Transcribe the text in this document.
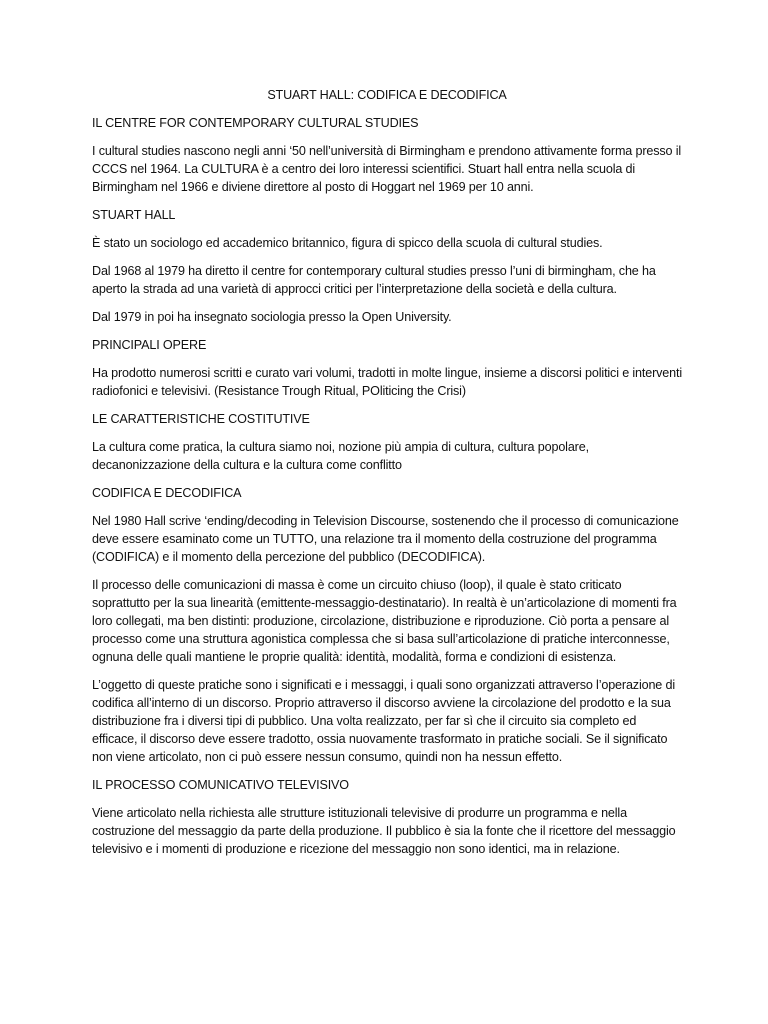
STUART HALL: CODIFICA E DECODIFICA

IL CENTRE FOR CONTEMPORARY CULTURAL STUDIES

I cultural studies nascono negli anni ‘50 nell’università di Birmingham e prendono attivamente forma presso il CCCS nel 1964. La CULTURA è a centro dei loro interessi scientifici. Stuart hall entra nella scuola di Birmingham nel 1966 e diviene direttore al posto di Hoggart nel 1969 per 10 anni.

STUART HALL

È stato un sociologo ed accademico britannico, figura di spicco della scuola di cultural studies.

Dal 1968 al 1979 ha diretto il centre for contemporary cultural studies presso l’uni di birmingham, che ha aperto la strada ad una varietà di approcci critici per l’interpretazione della società e della cultura.

Dal 1979 in poi ha insegnato sociologia presso la Open University.

PRINCIPALI OPERE

Ha prodotto numerosi scritti e curato vari volumi, tradotti in molte lingue, insieme a discorsi politici e interventi radiofonici e televisivi. (Resistance Trough Ritual, POliticing the Crisi)

LE CARATTERISTICHE COSTITUTIVE

La cultura come pratica, la cultura siamo noi, nozione più ampia di cultura, cultura popolare, decanonizzazione della cultura e la cultura come conflitto

CODIFICA E DECODIFICA

Nel 1980 Hall scrive ‘ending/decoding in Television Discourse, sostenendo che il processo di comunicazione deve essere esaminato come un TUTTO, una relazione tra il momento della costruzione del programma (CODIFICA) e il momento della percezione del pubblico (DECODIFICA).

Il processo delle comunicazioni di massa è come un circuito chiuso (loop), il quale è stato criticato soprattutto per la sua linearità (emittente-messaggio-destinatario). In realtà è un’articolazione di momenti fra loro collegati, ma ben distinti: produzione, circolazione, distribuzione e riproduzione. Ciò porta a pensare al processo come una struttura agonistica complessa che si basa sull’articolazione di pratiche interconnesse, ognuna delle quali mantiene le proprie qualità: identità, modalità, forma e condizioni di esistenza.

L’oggetto di queste pratiche sono i significati e i messaggi, i quali sono organizzati attraverso l’operazione di codifica all’interno di un discorso. Proprio attraverso il discorso avviene la circolazione del prodotto e la sua distribuzione fra i diversi tipi di pubblico. Una volta realizzato, per far sì che il circuito sia completo ed efficace, il discorso deve essere tradotto, ossia nuovamente trasformato in pratiche sociali. Se il significato non viene articolato, non ci può essere nessun consumo, quindi non ha nessun effetto.

IL PROCESSO COMUNICATIVO TELEVISIVO

Viene articolato nella richiesta alle strutture istituzionali televisive di produrre un programma e nella costruzione del messaggio da parte della produzione. Il pubblico è sia la fonte che il ricettore del messaggio televisivo e i momenti di produzione e ricezione del messaggio non sono identici, ma in relazione.
